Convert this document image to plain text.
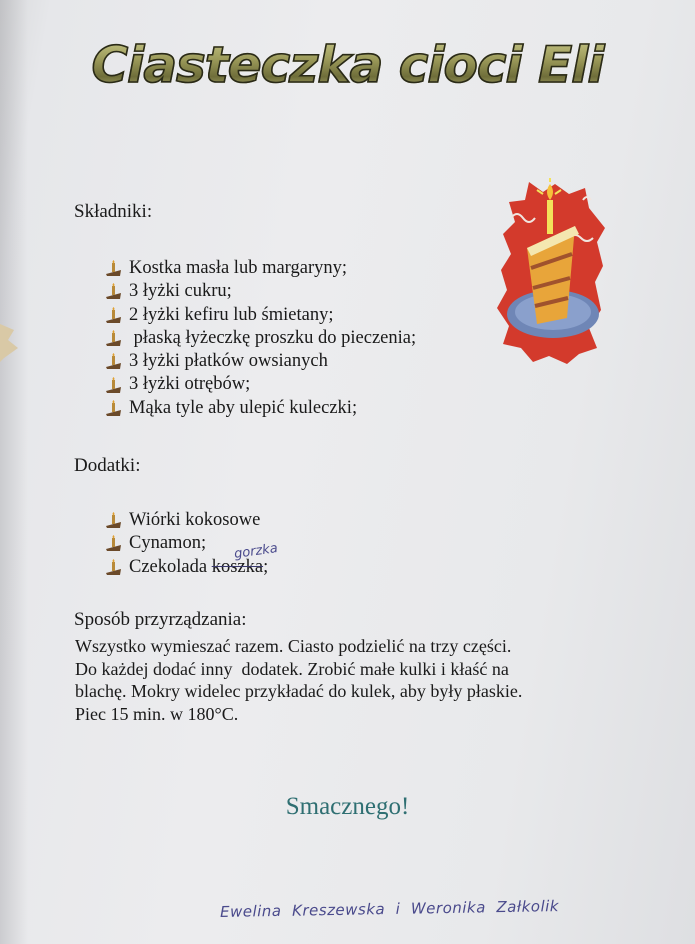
Ciasteczka cioci Eli
Składniki:
Kostka masła lub margaryny;
3 łyżki cukru;
2 łyżki kefiru lub śmietany;
płaską łyżeczkę proszku do pieczenia;
3 łyżki płatków owsianych
3 łyżki otrębów;
Mąka tyle aby ulepić kuleczki;
Dodatki:
Wiórki kokosowe
Cynamon;
Czekolada koszka ;
gorzka
Sposób przyrządzania:

Wszystko wymieszać razem. Ciasto podzielić na trzy części.
Do każdej dodać inny  dodatek. Zrobić małe kulki i kłaść na
blachę. Mokry widelec przykładać do kulek, aby były płaskie.
Piec 15 min. w 180°C.

Smacznego!
Ewelina  Kreszewska  i  Weronika  Załkolik
